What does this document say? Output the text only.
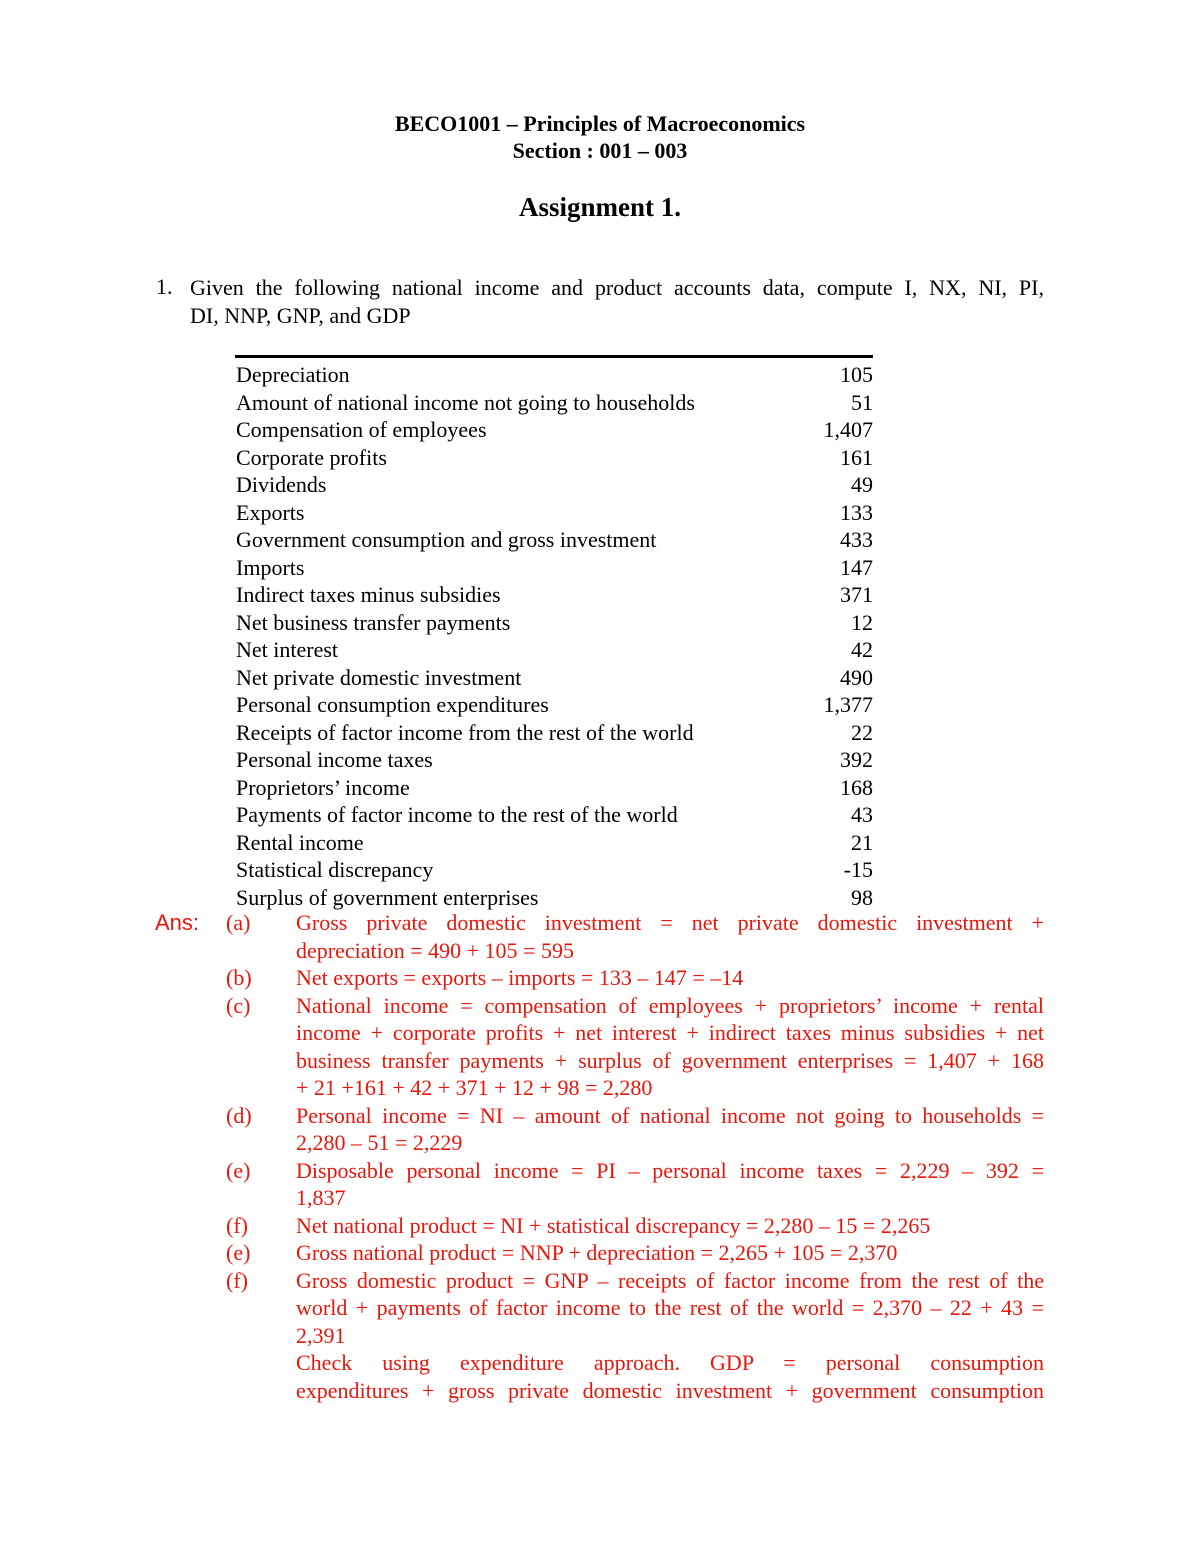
BECO1001 – Principles of Macroeconomics
Section : 001 – 003
Assignment 1.
1. Given the following national income and product accounts data, compute I, NX, NI, PI,
DI, NNP, GNP, and GDP
Depreciation	105
Amount of national income not going to households	51
Compensation of employees	1,407
Corporate profits	161
Dividends	49
Exports	133
Government consumption and gross investment	433
Imports	147
Indirect taxes minus subsidies	371
Net business transfer payments	12
Net interest	42
Net private domestic investment	490
Personal consumption expenditures	1,377
Receipts of factor income from the rest of the world	22
Personal income taxes	392
Proprietors’ income	168
Payments of factor income to the rest of the world	43
Rental income	21
Statistical discrepancy	-15
Surplus of government enterprises	98
Ans: (a)	Gross private domestic investment = net private domestic investment +
depreciation = 490 + 105 = 595
(b)	Net exports = exports – imports = 133 – 147 = –14
(c)	National income = compensation of employees + proprietors’ income + rental
income + corporate profits + net interest + indirect taxes minus subsidies + net
business transfer payments + surplus of government enterprises = 1,407 + 168
+ 21 +161 + 42 + 371 + 12 + 98 = 2,280
(d)	Personal income = NI – amount of national income not going to households =
2,280 – 51 = 2,229
(e)	Disposable personal income = PI – personal income taxes = 2,229 – 392 =
1,837
(f)	Net national product = NI + statistical discrepancy = 2,280 – 15 = 2,265
(e)	Gross national product = NNP + depreciation = 2,265 + 105 = 2,370
(f)	Gross domestic product = GNP – receipts of factor income from the rest of the
world + payments of factor income to the rest of the world = 2,370 – 22 + 43 =
2,391
Check using expenditure approach. GDP = personal consumption
expenditures + gross private domestic investment + government consumption
